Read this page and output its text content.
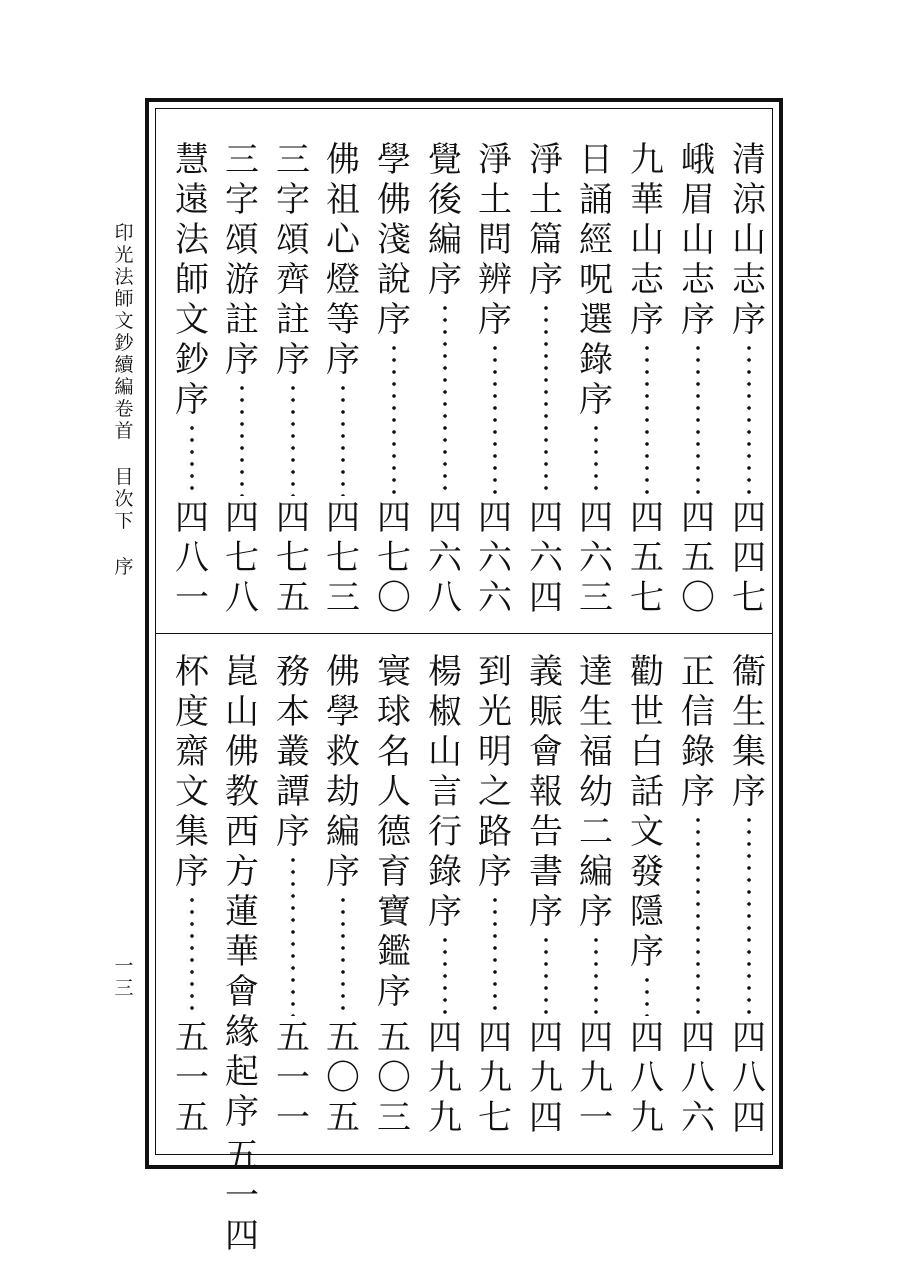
印
光
法
師
文
鈔
續
編
卷
首
目
次
下
序
一
三
清
涼
山
志
序
四
四
七
峨
眉
山
志
序
四
五
〇
九
華
山
志
序
四
五
七
日
誦
經
呪
選
錄
序
四
六
三
淨
土
篇
序
四
六
四
淨
土
問
辨
序
四
六
六
覺
後
編
序
四
六
八
學
佛
淺
說
序
四
七
〇
佛
祖
心
燈
等
序
四
七
三
三
字
頌
齊
註
序
四
七
五
三
字
頌
游
註
序
四
七
八
慧
遠
法
師
文
鈔
序
四
八
一
衞
生
集
序
四
八
四
正
信
錄
序
四
八
六
勸
世
白
話
文
發
隱
序
四
八
九
達
生
福
幼
二
編
序
四
九
一
義
賑
會
報
告
書
序
四
九
四
到
光
明
之
路
序
四
九
七
楊
椒
山
言
行
錄
序
四
九
九
寰
球
名
人
德
育
寶
鑑
序
五
〇
三
佛
學
救
劫
編
序
五
〇
五
務
本
叢
譚
序
五
一
一
崑
山
佛
教
西
方
蓮
華
會
緣
起
序
五
一
四
杯
度
齋
文
集
序
五
一
五
